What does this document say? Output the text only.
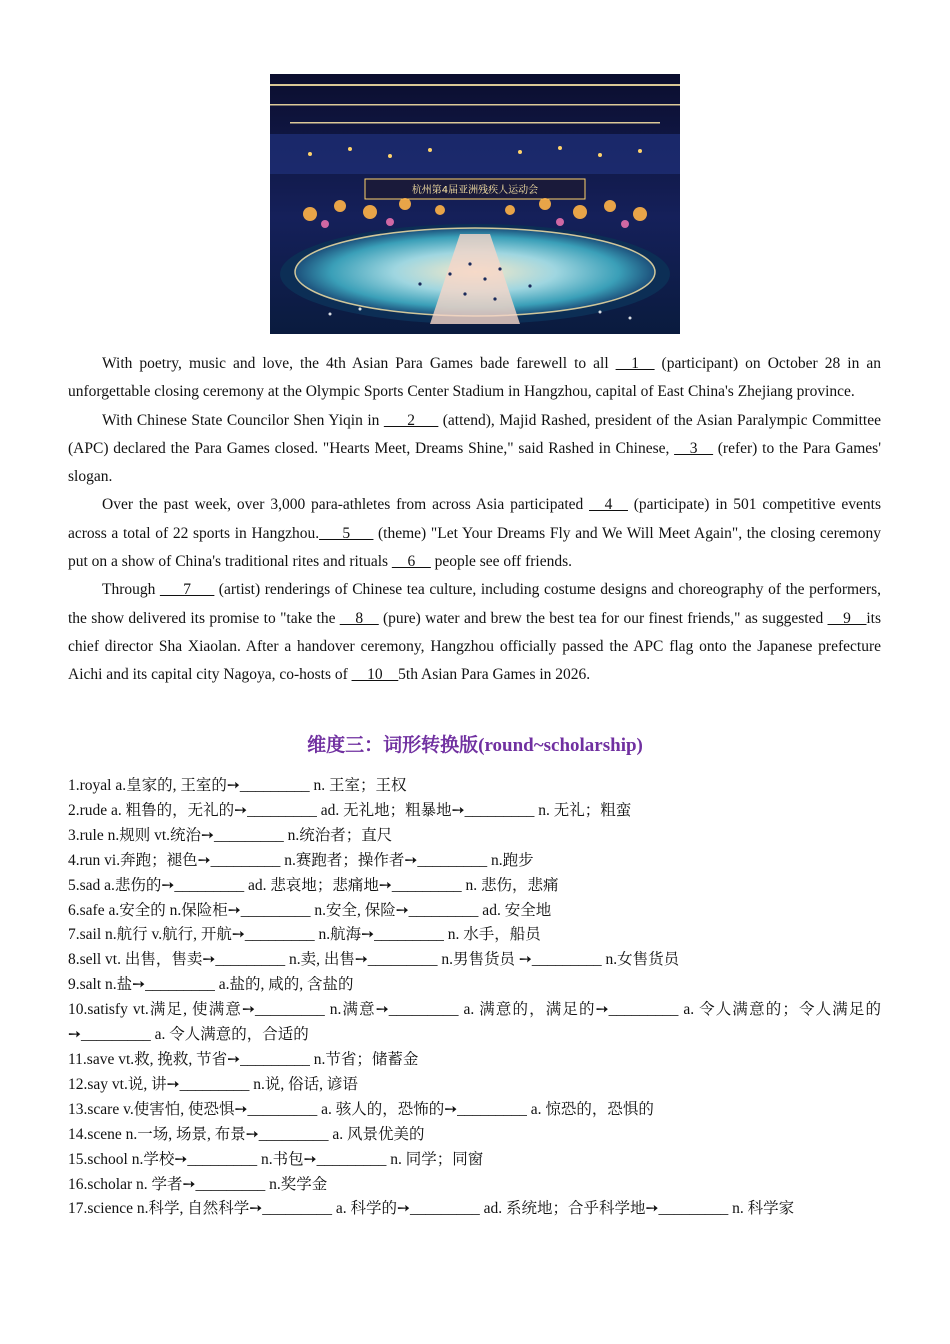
杭州第4届亚洲残疾人运动会

With poetry, music and love, the 4th Asian Para Games bade farewell to all __1__ (participant) on October 28 in an unforgettable closing ceremony at the Olympic Sports Center Stadium in Hangzhou, capital of East China's Zhejiang province.

With Chinese State Councilor Shen Yiqin in ___2___ (attend), Majid Rashed, president of the Asian Paralympic Committee (APC) declared the Para Games closed. "Hearts Meet, Dreams Shine," said Rashed in Chinese, __3__ (refer) to the Para Games' slogan.

Over the past week, over 3,000 para-athletes from across Asia participated __4__ (participate) in 501 competitive events across a total of 22 sports in Hangzhou.___5___ (theme) "Let Your Dreams Fly and We Will Meet Again", the closing ceremony put on a show of China's traditional rites and rituals __6__ people see off friends.

Through ___7___ (artist) renderings of Chinese tea culture, including costume designs and choreography of the performers, the show delivered its promise to "take the __8__ (pure) water and brew the best tea for our finest friends," as suggested __9__its chief director Sha Xiaolan. After a handover ceremony, Hangzhou officially passed the APC flag onto the Japanese prefecture Aichi and its capital city Nagoya, co-hosts of __10__5th Asian Para Games in 2026.

维度三：词形转换版(round~scholarship)
1.royal a.皇家的, 王室的➙_________ n. 王室；王权
2.rude a. 粗鲁的，无礼的➙_________ ad. 无礼地；粗暴地➙_________ n. 无礼；粗蛮
3.rule n.规则 vt.统治➙_________ n.统治者；直尺
4.run vi.奔跑；褪色➙_________ n.赛跑者；操作者➙_________ n.跑步
5.sad a.悲伤的➙_________ ad. 悲哀地；悲痛地➙_________ n. 悲伤，悲痛
6.safe a.安全的 n.保险柜➙_________ n.安全, 保险➙_________ ad. 安全地
7.sail n.航行 v.航行, 开航➙_________ n.航海➙_________ n. 水手，船员
8.sell vt. 出售，售卖➙_________ n.卖, 出售➙_________ n.男售货员 ➙_________ n.女售货员
9.salt n.盐➙_________ a.盐的, 咸的, 含盐的
10.satisfy vt.满足, 使满意➙_________ n.满意➙_________ a. 满意的，满足的➙_________ a. 令人满意的；令人满足的➙_________ a. 令人满意的，合适的
11.save vt.救, 挽救, 节省➙_________ n.节省；储蓄金
12.say vt.说, 讲➙_________ n.说, 俗话, 谚语
13.scare v.使害怕, 使恐惧➙_________ a. 骇人的，恐怖的➙_________ a. 惊恐的，恐惧的
14.scene n.一场, 场景, 布景➙_________ a. 风景优美的
15.school n.学校➙_________ n.书包➙_________ n. 同学；同窗
16.scholar n. 学者➙_________ n.奖学金
17.science n.科学, 自然科学➙_________ a. 科学的➙_________ ad. 系统地；合乎科学地➙_________ n. 科学家
